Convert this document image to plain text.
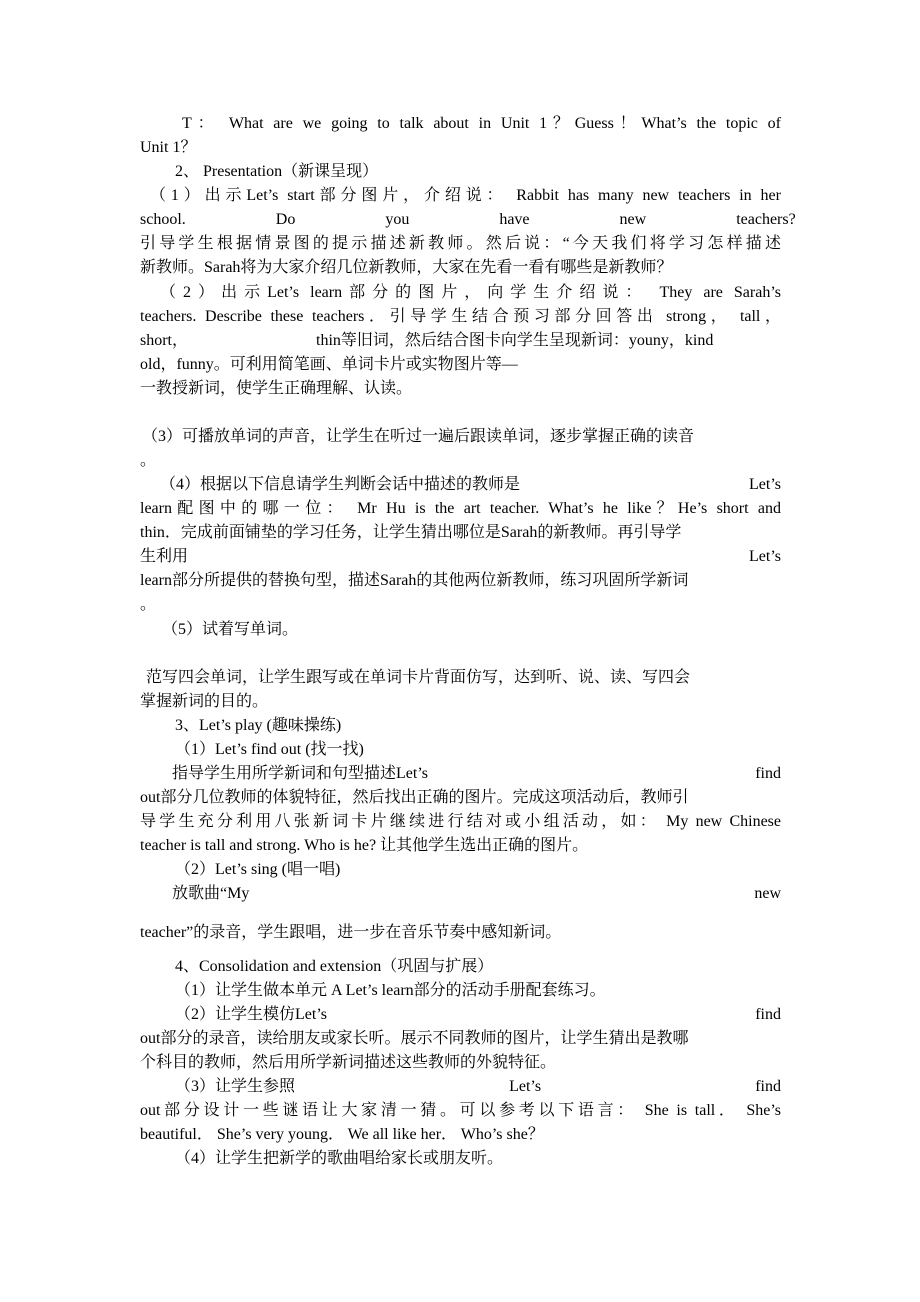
T： What are we going to talk about in Unit 1？Guess！What’s the topic of
Unit 1？
2、 Presentation（新课呈现）
（1）出示Let’s start部分图片，介绍说： Rabbit has many new teachers in her
school. Do you have new teachers?
引导学生根据情景图的提示描述新教师。然后说：“今天我们将学习怎样描述
新教师。Sarah将为大家介绍几位新教师，大家在先看一看有哪些是新教师？
（2）出示Let’s learn部分的图片，向学生介绍说： They are Sarah’s
teachers. Describe these teachers．引导学生结合预习部分回答出 strong， tall，
short， thin等旧词，然后结合图卡向学生呈现新词：youny，kind
old，funny。可利用简笔画、单词卡片或实物图片等—
一教授新词，使学生正确理解、认读。
（3）可播放单词的声音，让学生在听过一遍后跟读单词，逐步掌握正确的读音
。
（4）根据以下信息请学生判断会话中描述的教师是	Let’s
learn配图中的哪一位： Mr Hu is the art teacher. What’s he like？He’s short and
thin．完成前面铺垫的学习任务，让学生猜出哪位是Sarah的新教师。再引导学
生利用	Let’s
learn部分所提供的替换句型，描述Sarah的其他两位新教师，练习巩固所学新词
。
（5）试着写单词。
范写四会单词，让学生跟写或在单词卡片背面仿写，达到听、说、读、写四会
掌握新词的目的。
3、Let’s play (趣味操练)
（1）Let’s find out (找一找)
指导学生用所学新词和句型描述Let’s	find
out部分几位教师的体貌特征，然后找出正确的图片。完成这项活动后，教师引
导学生充分利用八张新词卡片继续进行结对或小组活动，如： My new Chinese
teacher is tall and strong. Who is he? 让其他学生选出正确的图片。
（2）Let’s sing (唱一唱)
放歌曲“My	new
teacher”的录音，学生跟唱，进一步在音乐节奏中感知新词。
4、Consolidation and extension（巩固与扩展）
（1）让学生做本单元 A Let’s learn部分的活动手册配套练习。
（2）让学生模仿Let’s	find
out部分的录音，读给朋友或家长听。展示不同教师的图片，让学生猜出是教哪
个科目的教师，然后用所学新词描述这些教师的外貌特征。
（3）让学生参照	Let’s	find
out部分设计一些谜语让大家清一猜。可以参考以下语言： She is tall． She’s
beautiful． She’s very young． We all like her． Who’s she？
（4）让学生把新学的歌曲唱给家长或朋友听。
